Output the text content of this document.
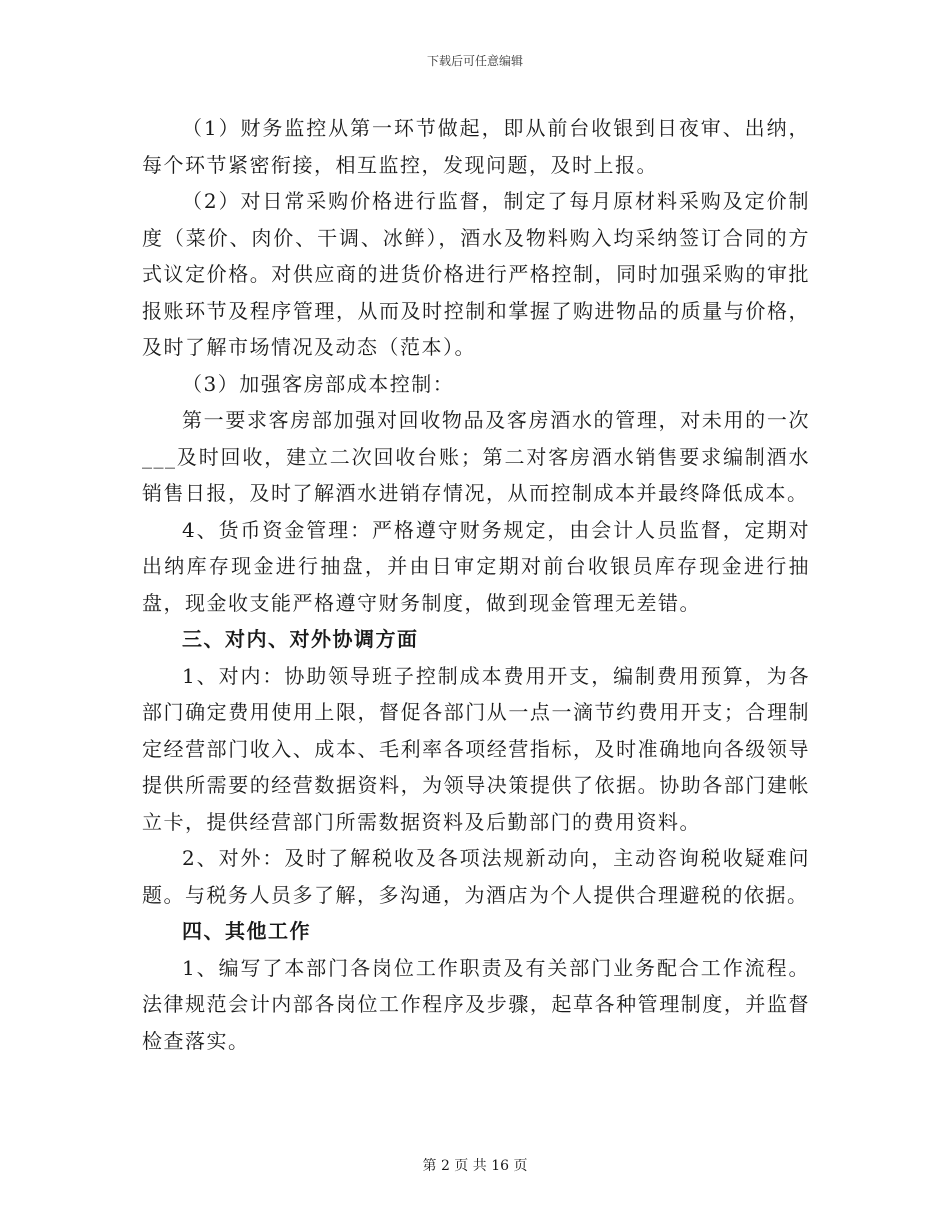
下载后可任意编辑

（1）财务监控从第一环节做起，即从前台收银到日夜审、出纳，每个环节紧密衔接，相互监控，发现问题，及时上报。

（2）对日常采购价格进行监督，制定了每月原材料采购及定价制度（菜价、肉价、干调、冰鲜），酒水及物料购入均采纳签订合同的方式议定价格。对供应商的进货价格进行严格控制，同时加强采购的审批报账环节及程序管理，从而及时控制和掌握了购进物品的质量与价格，及时了解市场情况及动态（范本）。

（3）加强客房部成本控制：

第一要求客房部加强对回收物品及客房酒水的管理，对未用的一次___及时回收，建立二次回收台账；第二对客房酒水销售要求编制酒水销售日报，及时了解酒水进销存情况，从而控制成本并最终降低成本。

4、货币资金管理：严格遵守财务规定，由会计人员监督，定期对出纳库存现金进行抽盘，并由日审定期对前台收银员库存现金进行抽盘，现金收支能严格遵守财务制度，做到现金管理无差错。

三、对内、对外协调方面

1、对内：协助领导班子控制成本费用开支，编制费用预算，为各部门确定费用使用上限，督促各部门从一点一滴节约费用开支；合理制定经营部门收入、成本、毛利率各项经营指标，及时准确地向各级领导提供所需要的经营数据资料，为领导决策提供了依据。协助各部门建帐立卡，提供经营部门所需数据资料及后勤部门的费用资料。

2、对外：及时了解税收及各项法规新动向，主动咨询税收疑难问题。与税务人员多了解，多沟通，为酒店为个人提供合理避税的依据。

四、其他工作

1、编写了本部门各岗位工作职责及有关部门业务配合工作流程。法律规范会计内部各岗位工作程序及步骤，起草各种管理制度，并监督检查落实。

第 2 页 共 16 页
